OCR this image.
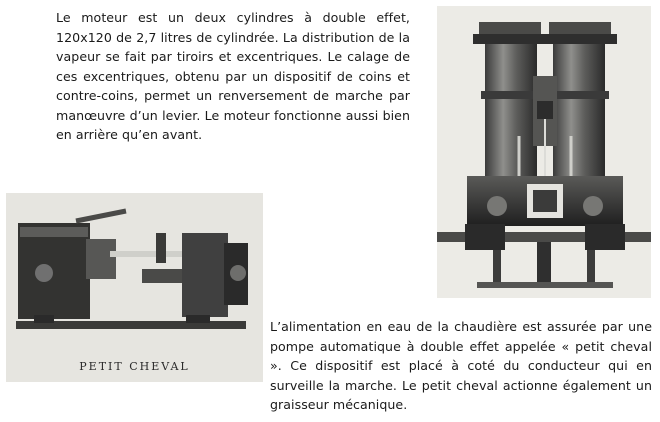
Le moteur est un deux cylindres à double effet, 120x120 de 2,7 litres de cylindrée. La distribution de la vapeur se fait par tiroirs et excentriques. Le calage de ces excentriques, obtenu par un dispositif de coins et contre-coins, permet un renversement de marche par manœuvre d’un levier. Le moteur fonctionne aussi bien en arrière qu’en avant.

PETIT CHEVAL

L’alimentation en eau de la chaudière est assurée par une pompe automatique à double effet appelée « petit cheval ». Ce dispositif est placé à coté du conducteur qui en surveille la marche. Le petit cheval actionne également un graisseur mécanique.
